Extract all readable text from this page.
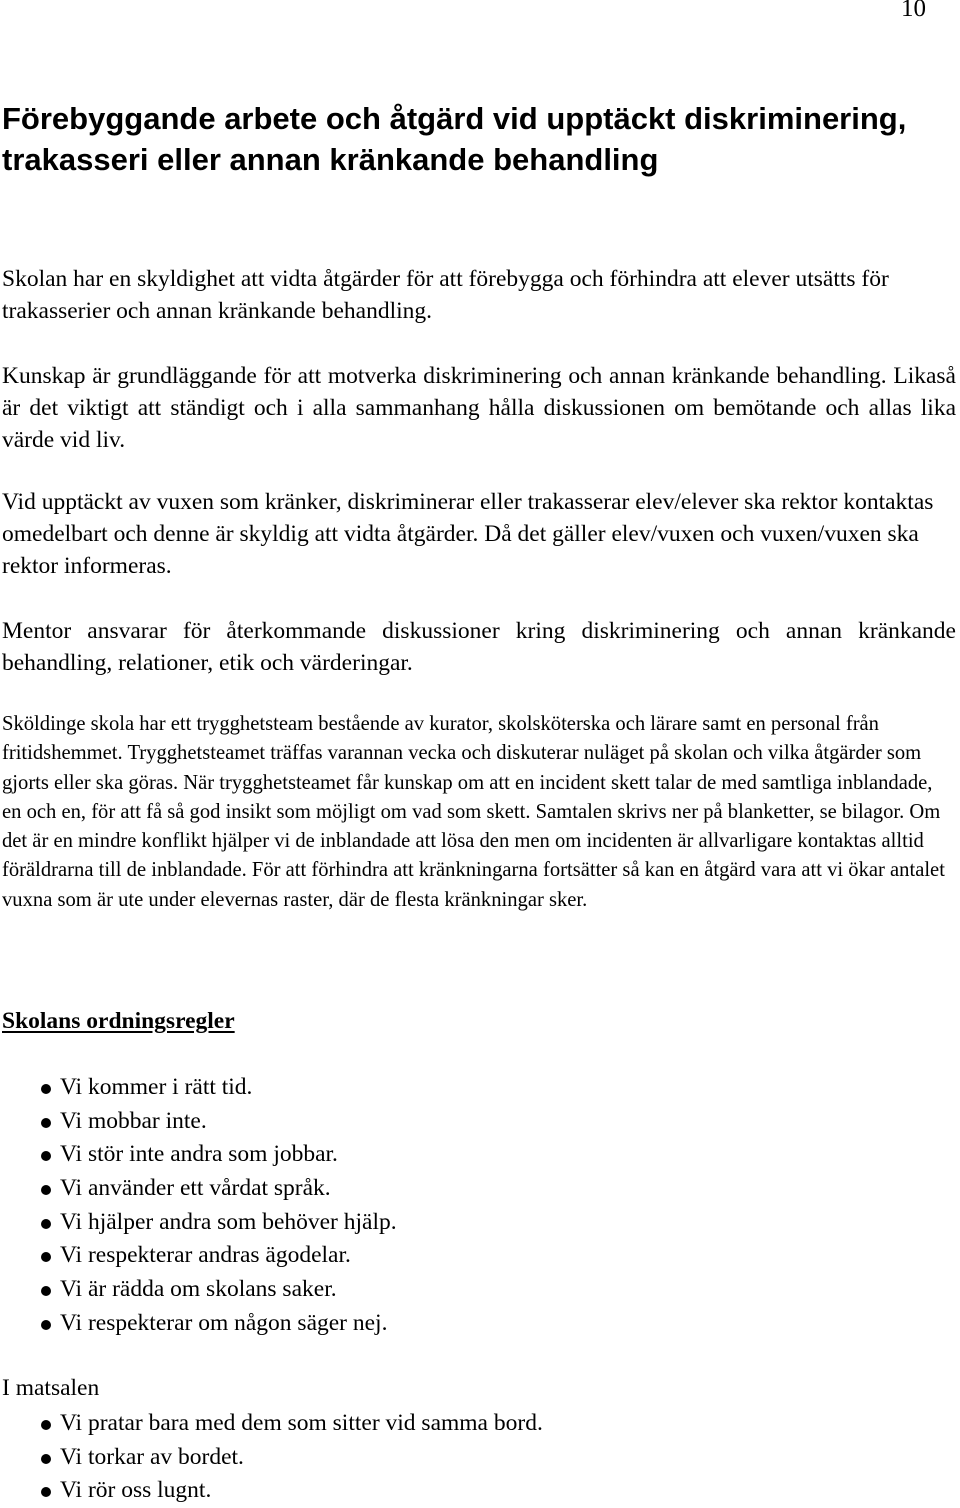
10
Förebyggande arbete och åtgärd vid upptäckt diskriminering, trakasseri eller annan kränkande behandling

Skolan har en skyldighet att vidta åtgärder för att förebygga och förhindra att elever utsätts för trakasserier och annan kränkande behandling.

Kunskap är grundläggande för att motverka diskriminering och annan kränkande behandling. Likaså är det viktigt att ständigt och i alla sammanhang hålla diskussionen om bemötande och allas lika värde vid liv.

Vid upptäckt av vuxen som kränker, diskriminerar eller trakasserar elev/elever ska rektor kontaktas omedelbart och denne är skyldig att vidta åtgärder. Då det gäller elev/vuxen och vuxen/vuxen ska rektor informeras.

Mentor ansvarar för återkommande diskussioner kring diskriminering och annan kränkande behandling, relationer, etik och värderingar.

Sköldinge skola har ett trygghetsteam bestående av kurator, skolsköterska och lärare samt en personal från fritidshemmet. Trygghetsteamet träffas varannan vecka och diskuterar nuläget på skolan och vilka åtgärder som gjorts eller ska göras. När trygghetsteamet får kunskap om att en incident skett talar de med samtliga inblandade, en och en, för att få så god insikt som möjligt om vad som skett. Samtalen skrivs ner på blanketter, se bilagor. Om det är en mindre konflikt hjälper vi de inblandade att lösa den men om incidenten är allvarligare kontaktas alltid föräldrarna till de inblandade. För att förhindra att kränkningarna fortsätter så kan en åtgärd vara att vi ökar antalet vuxna som är ute under elevernas raster, där de flesta kränkningar sker.

Skolans ordningsregler
Vi kommer i rätt tid.
Vi mobbar inte.
Vi stör inte andra som jobbar.
Vi använder ett vårdat språk.
Vi hjälper andra som behöver hjälp.
Vi respekterar andras ägodelar.
Vi är rädda om skolans saker.
Vi respekterar om någon säger nej.

I matsalen

Vi pratar bara med dem som sitter vid samma bord.
Vi torkar av bordet.
Vi rör oss lugnt.
